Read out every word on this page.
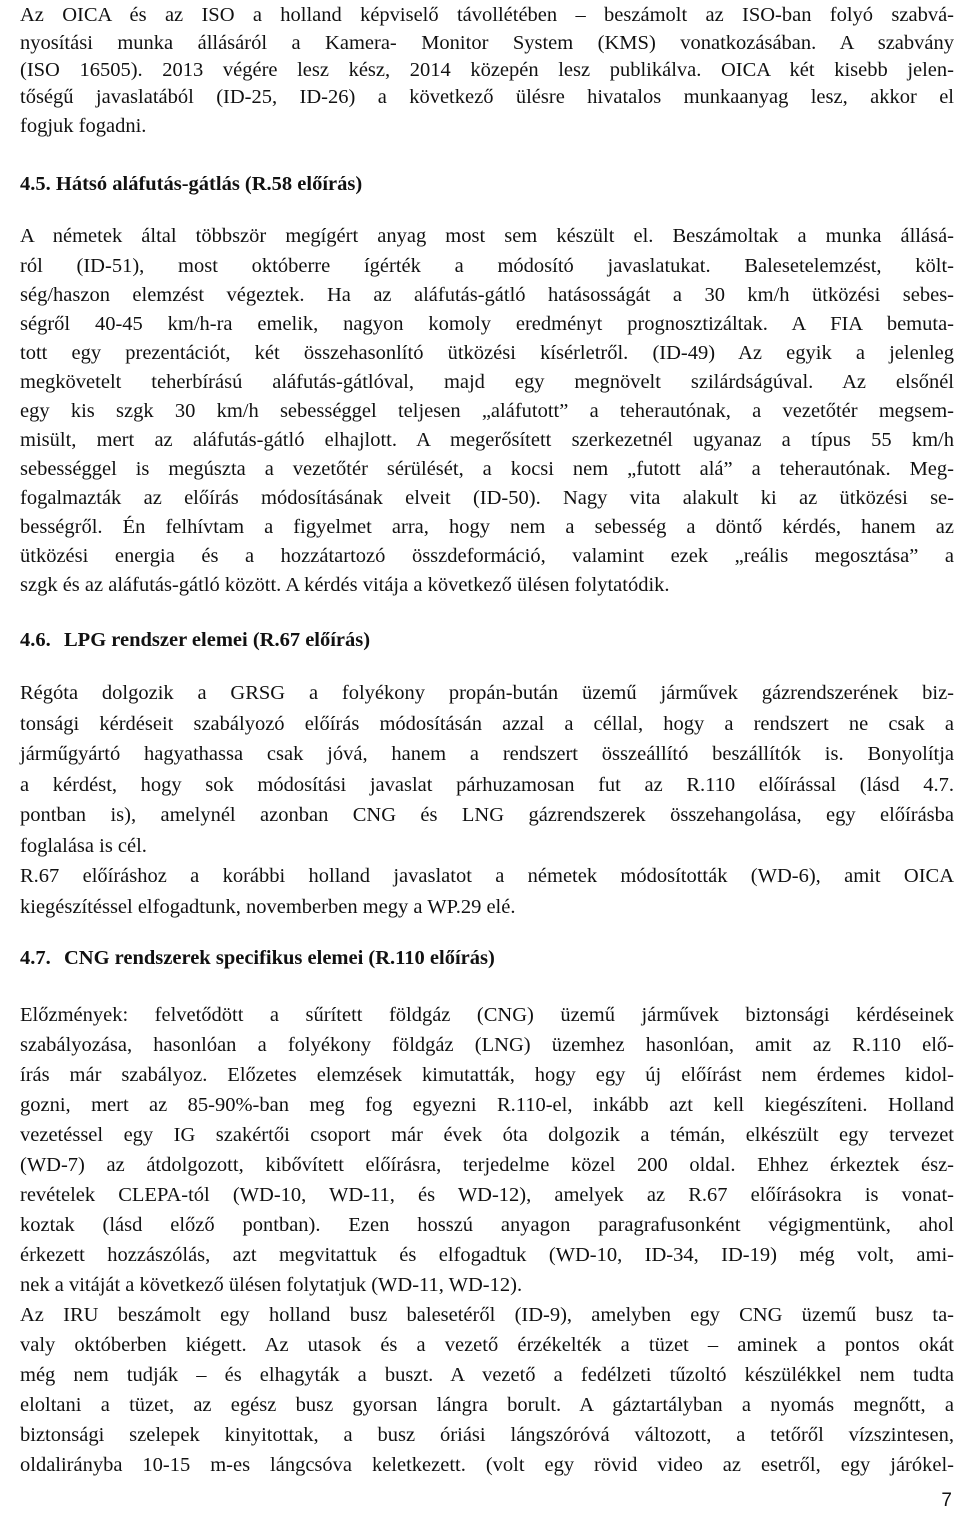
Az OICA és az ISO a holland képviselő távollétében – beszámolt az ISO-ban folyó szabvá-
nyosítási munka állásáról a Kamera- Monitor System (KMS) vonatkozásában. A szabvány
(ISO 16505). 2013 végére lesz kész, 2014 közepén lesz publikálva. OICA két kisebb jelen-
tőségű javaslatából (ID-25, ID-26) a következő ülésre hivatalos munkaanyag lesz, akkor el
fogjuk fogadni.
4.5. Hátsó aláfutás-gátlás (R.58 előírás)
A németek által többször megígért anyag most sem készült el. Beszámoltak a munka állásá-
ról (ID-51), most októberre ígérték a módosító javaslatukat. Balesetelemzést, költ-
ség/haszon elemzést végeztek. Ha az aláfutás-gátló hatásosságát a 30 km/h ütközési sebes-
ségről 40-45 km/h-ra emelik, nagyon komoly eredményt prognosztizáltak. A FIA bemuta-
tott egy prezentációt, két összehasonlító ütközési kísérletről. (ID-49) Az egyik a jelenleg
megkövetelt teherbírású aláfutás-gátlóval, majd egy megnövelt szilárdságúval. Az elsőnél
egy kis szgk 30 km/h sebességgel teljesen „aláfutott” a teherautónak, a vezetőtér megsem-
misült, mert az aláfutás-gátló elhajlott. A megerősített szerkezetnél ugyanaz a típus 55 km/h
sebességgel is megúszta a vezetőtér sérülését, a kocsi nem „futott alá” a teherautónak. Meg-
fogalmazták az előírás módosításának elveit (ID-50). Nagy vita alakult ki az ütközési se-
bességről. Én felhívtam a figyelmet arra, hogy nem a sebesség a döntő kérdés, hanem az
ütközési energia és a hozzátartozó összdeformáció, valamint ezek „reális megosztása” a
szgk és az aláfutás-gátló között. A kérdés vitája a következő ülésen folytatódik.
4.6. LPG rendszer elemei (R.67 előírás)
Régóta dolgozik a GRSG a folyékony propán-bután üzemű járművek gázrendszerének biz-
tonsági kérdéseit szabályozó előírás módosításán azzal a céllal, hogy a rendszert ne csak a
járműgyártó hagyathassa csak jóvá, hanem a rendszert összeállító beszállítók is. Bonyolítja
a kérdést, hogy sok módosítási javaslat párhuzamosan fut az R.110 előírással (lásd 4.7.
pontban is), amelynél azonban CNG és LNG gázrendszerek összehangolása, egy előírásba
foglalása is cél.
R.67 előíráshoz a korábbi holland javaslatot a németek módosították (WD-6), amit OICA
kiegészítéssel elfogadtunk, novemberben megy a WP.29 elé.
4.7. CNG rendszerek specifikus elemei (R.110 előírás)
Előzmények: felvetődött a sűrített földgáz (CNG) üzemű járművek biztonsági kérdéseinek
szabályozása, hasonlóan a folyékony földgáz (LNG) üzemhez hasonlóan, amit az R.110 elő-
írás már szabályoz. Előzetes elemzések kimutatták, hogy egy új előírást nem érdemes kidol-
gozni, mert az 85-90%-ban meg fog egyezni R.110-el, inkább azt kell kiegészíteni. Holland
vezetéssel egy IG szakértői csoport már évek óta dolgozik a témán, elkészült egy tervezet
(WD-7) az átdolgozott, kibővített előírásra, terjedelme közel 200 oldal. Ehhez érkeztek ész-
revételek CLEPA-tól (WD-10, WD-11, és WD-12), amelyek az R.67 előírásokra is vonat-
koztak (lásd előző pontban). Ezen hosszú anyagon paragrafusonként végigmentünk, ahol
érkezett hozzászólás, azt megvitattuk és elfogadtuk (WD-10, ID-34, ID-19) még volt, ami-
nek a vitáját a következő ülésen folytatjuk (WD-11, WD-12).
Az IRU beszámolt egy holland busz balesetéről (ID-9), amelyben egy CNG üzemű busz ta-
valy októberben kiégett. Az utasok és a vezető érzékelték a tüzet – aminek a pontos okát
még nem tudják – és elhagyták a buszt. A vezető a fedélzeti tűzoltó készülékkel nem tudta
eloltani a tüzet, az egész busz gyorsan lángra borult. A gáztartályban a nyomás megnőtt, a
biztonsági szelepek kinyitottak, a busz óriási lángszóróvá változott, a tetőről vízszintesen,
oldalirányba 10-15 m-es lángcsóva keletkezett. (volt egy rövid video az esetről, egy járókel-
7
